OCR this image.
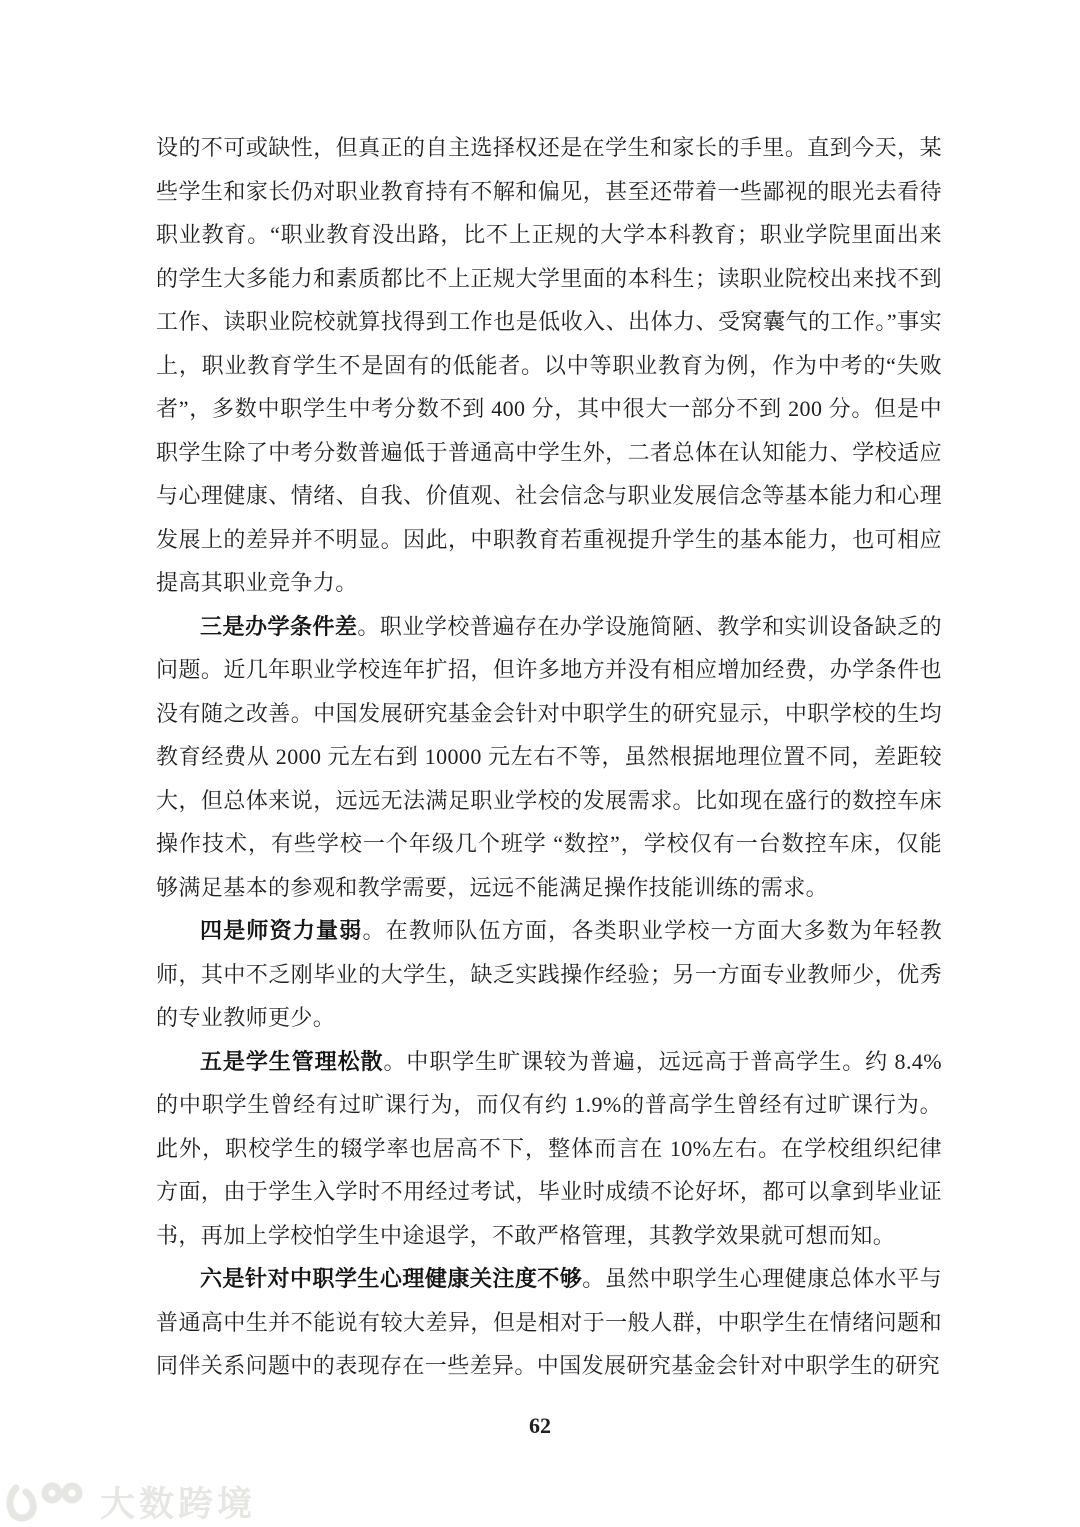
设的不可或缺性，但真正的自主选择权还是在学生和家长的手里。直到今天，某些学生和家长仍对职业教育持有不解和偏见，甚至还带着一些鄙视的眼光去看待职业教育。“职业教育没出路，比不上正规的大学本科教育；职业学院里面出来的学生大多能力和素质都比不上正规大学里面的本科生；读职业院校出来找不到工作、读职业院校就算找得到工作也是低收入、出体力、受窝囊气的工作。”事实上，职业教育学生不是固有的低能者。以中等职业教育为例，作为中考的“失败者”，多数中职学生中考分数不到 400 分，其中很大一部分不到 200 分。但是中职学生除了中考分数普遍低于普通高中学生外，二者总体在认知能力、学校适应与心理健康、情绪、自我、价值观、社会信念与职业发展信念等基本能力和心理发展上的差异并不明显。因此，中职教育若重视提升学生的基本能力，也可相应提高其职业竞争力。

三是办学条件差。职业学校普遍存在办学设施简陋、教学和实训设备缺乏的问题。近几年职业学校连年扩招，但许多地方并没有相应增加经费，办学条件也没有随之改善。中国发展研究基金会针对中职学生的研究显示，中职学校的生均教育经费从 2000 元左右到 10000 元左右不等，虽然根据地理位置不同，差距较大，但总体来说，远远无法满足职业学校的发展需求。比如现在盛行的数控车床操作技术，有些学校一个年级几个班学 “数控”，学校仅有一台数控车床，仅能够满足基本的参观和教学需要，远远不能满足操作技能训练的需求。

四是师资力量弱。在教师队伍方面，各类职业学校一方面大多数为年轻教师，其中不乏刚毕业的大学生，缺乏实践操作经验；另一方面专业教师少，优秀的专业教师更少。

五是学生管理松散。中职学生旷课较为普遍，远远高于普高学生。约 8.4%的中职学生曾经有过旷课行为，而仅有约 1.9%的普高学生曾经有过旷课行为。此外，职校学生的辍学率也居高不下，整体而言在 10%左右。在学校组织纪律方面，由于学生入学时不用经过考试，毕业时成绩不论好坏，都可以拿到毕业证书，再加上学校怕学生中途退学，不敢严格管理，其教学效果就可想而知。

六是针对中职学生心理健康关注度不够。虽然中职学生心理健康总体水平与普通高中生并不能说有较大差异，但是相对于一般人群，中职学生在情绪问题和同伴关系问题中的表现存在一些差异。中国发展研究基金会针对中职学生的研究

62
大数跨境
